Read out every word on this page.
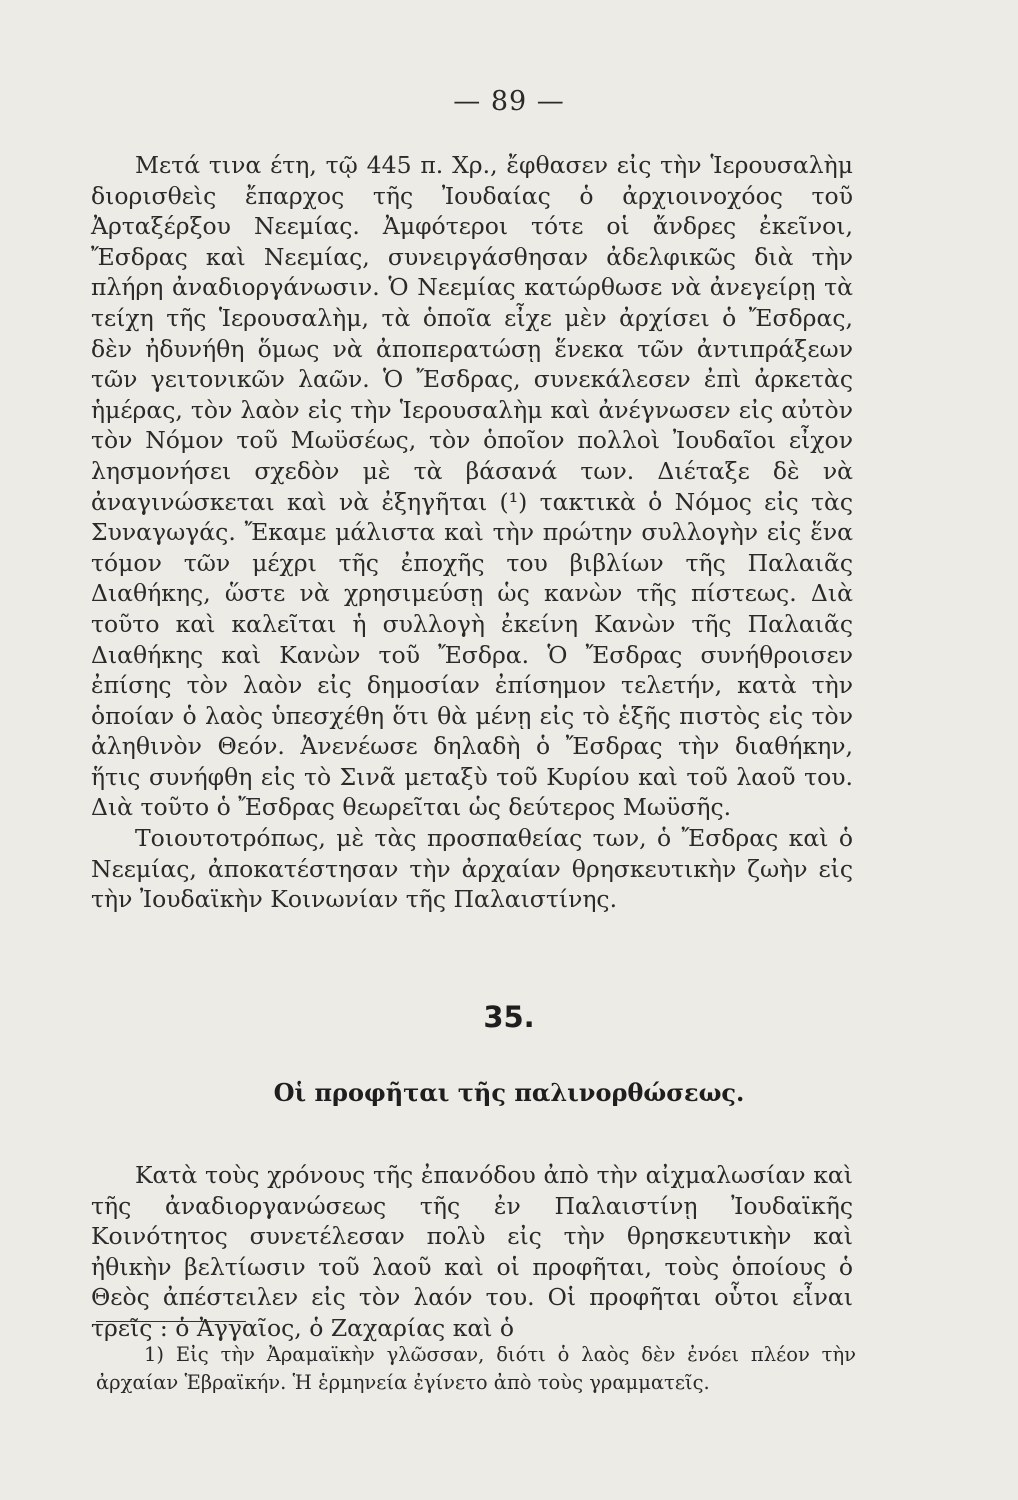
— 89 —

Μετά τινα έτη, τῷ 445 π. Χρ., ἔφθασεν εἰς τὴν Ἱερουσαλὴμ διορισθεὶς ἔπαρχος τῆς Ἰουδαίας ὁ ἀρχιοινοχόος τοῦ Ἀρταξέρξου Νεεμίας. Ἀμφότεροι τότε οἱ ἄνδρες ἐκεῖνοι, Ἔσδρας καὶ Νεεμίας, συνειργάσθησαν ἀδελφικῶς διὰ τὴν πλήρη ἀναδιοργάνωσιν. Ὁ Νεεμίας κατώρθωσε νὰ ἀνεγείρῃ τὰ τείχη τῆς Ἱερουσαλὴμ, τὰ ὁποῖα εἶχε μὲν ἀρχίσει ὁ Ἔσδρας, δὲν ἠδυνήθη ὅμως νὰ ἀποπερατώσῃ ἕνεκα τῶν ἀντιπράξεων τῶν γειτονικῶν λαῶν. Ὁ Ἔσδρας, συνεκάλεσεν ἐπὶ ἀρκετὰς ἡμέρας, τὸν λαὸν εἰς τὴν Ἱερουσαλὴμ καὶ ἀνέγνωσεν εἰς αὐτὸν τὸν Νόμον τοῦ Μωϋσέως, τὸν ὁποῖον πολλοὶ Ἰουδαῖοι εἶχον λησμονήσει σχεδὸν μὲ τὰ βάσανά των. Διέταξε δὲ νὰ ἀναγινώσκεται καὶ νὰ ἐξηγῆται (¹) τακτικὰ ὁ Νόμος εἰς τὰς Συναγωγάς. Ἔκαμε μάλιστα καὶ τὴν πρώτην συλλογὴν εἰς ἕνα τόμον τῶν μέχρι τῆς ἐποχῆς του βιβλίων τῆς Παλαιᾶς Διαθήκης, ὥστε νὰ χρησιμεύσῃ ὡς κανὼν τῆς πίστεως. Διὰ τοῦτο καὶ καλεῖται ἡ συλλογὴ ἐκείνη Κανὼν τῆς Παλαιᾶς Διαθήκης καὶ Κανὼν τοῦ Ἔσδρα. Ὁ Ἔσδρας συνήθροισεν ἐπίσης τὸν λαὸν εἰς δημοσίαν ἐπίσημον τελετήν, κατὰ τὴν ὁποίαν ὁ λαὸς ὑπεσχέθη ὅτι θὰ μένῃ εἰς τὸ ἑξῆς πιστὸς εἰς τὸν ἀληθινὸν Θεόν. Ἀνενέωσε δηλαδὴ ὁ Ἔσδρας τὴν διαθήκην, ἥτις συνήφθη εἰς τὸ Σινᾶ μεταξὺ τοῦ Κυρίου καὶ τοῦ λαοῦ του. Διὰ τοῦτο ὁ Ἔσδρας θεωρεῖται ὡς δεύτερος Μωϋσῆς.

Τοιουτοτρόπως, μὲ τὰς προσπαθείας των, ὁ Ἔσδρας καὶ ὁ Νεεμίας, ἀποκατέστησαν τὴν ἀρχαίαν θρησκευτικὴν ζωὴν εἰς τὴν Ἰουδαϊκὴν Κοινωνίαν τῆς Παλαιστίνης.

35.
Οἱ προφῆται τῆς παλινορθώσεως.

Κατὰ τοὺς χρόνους τῆς ἐπανόδου ἀπὸ τὴν αἰχμαλωσίαν καὶ τῆς ἀναδιοργανώσεως τῆς ἐν Παλαιστίνῃ Ἰουδαϊκῆς Κοινότητος συνετέλεσαν πολὺ εἰς τὴν θρησκευτικὴν καὶ ἠθικὴν βελτίωσιν τοῦ λαοῦ καὶ οἱ προφῆται, τοὺς ὁποίους ὁ Θεὸς ἀπέστειλεν εἰς τὸν λαόν του. Οἱ προφῆται οὗτοι εἶναι τρεῖς : ὁ Ἀγγαῖος, ὁ Ζαχαρίας καὶ ὁ

1) Εἰς τὴν Ἀραμαϊκὴν γλῶσσαν, διότι ὁ λαὸς δὲν ἐνόει πλέον τὴν ἀρχαίαν Ἑβραϊκήν. Ἡ ἑρμηνεία ἐγίνετο ἀπὸ τοὺς γραμματεῖς.
